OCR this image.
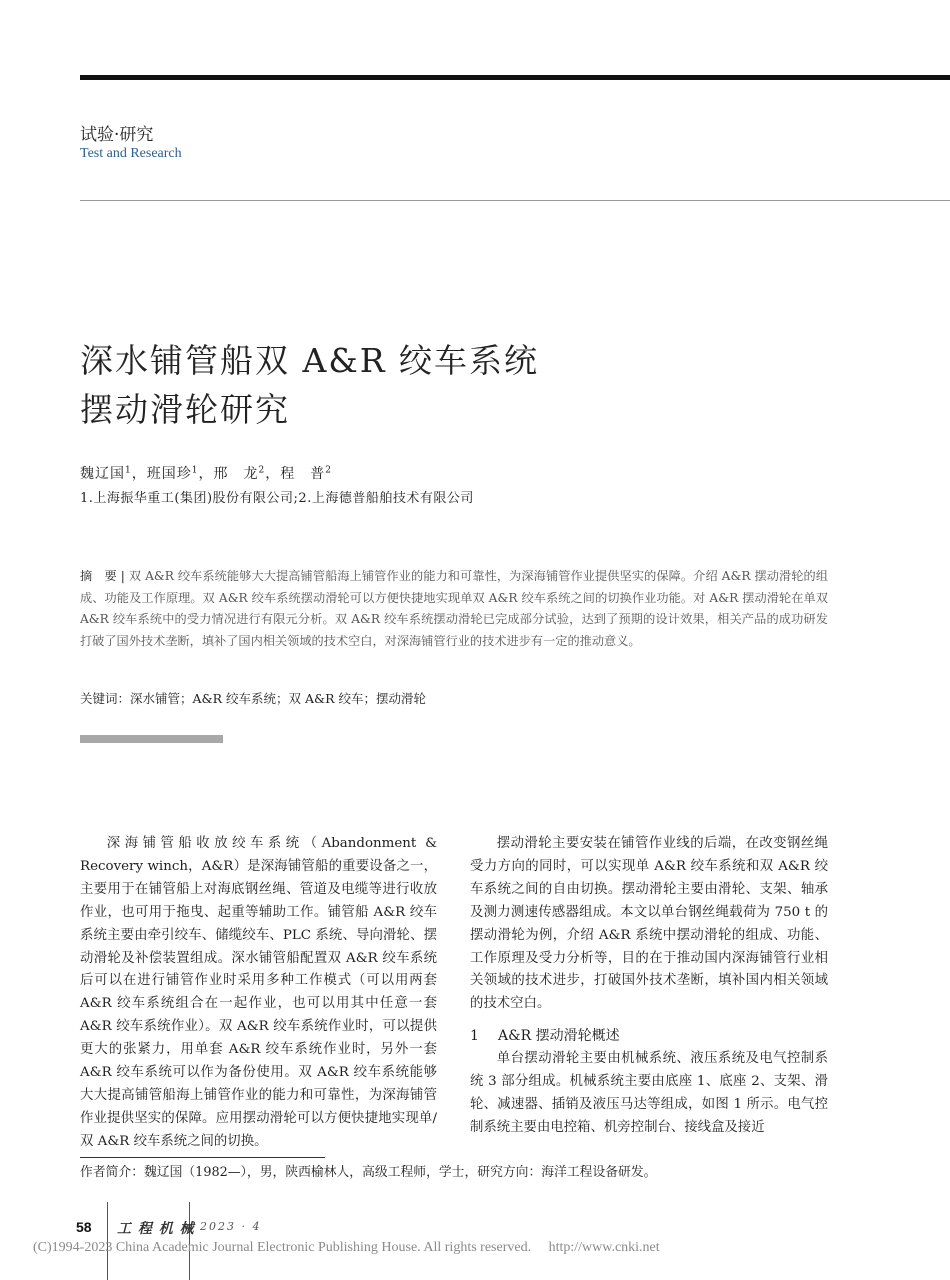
试验·研究
Test and Research
深水铺管船双 A&R 绞车系统
摆动滑轮研究
魏辽国$^1$，班国珍$^1$，邢　龙$^2$，程　普$^2$
1.上海振华重工(集团)股份有限公司;2.上海德普船舶技术有限公司
摘　要 | 双 A&R 绞车系统能够大大提高铺管船海上铺管作业的能力和可靠性，为深海铺管作业提供坚实的保障。介绍 A&R 摆动滑轮的组成、功能及工作原理。双 A&R 绞车系统摆动滑轮可以方便快捷地实现单双 A&R 绞车系统之间的切换作业功能。对 A&R 摆动滑轮在单双 A&R 绞车系统中的受力情况进行有限元分析。双 A&R 绞车系统摆动滑轮已完成部分试验，达到了预期的设计效果，相关产品的成功研发打破了国外技术垄断，填补了国内相关领域的技术空白，对深海铺管行业的技术进步有一定的推动意义。
关键词：深水铺管；A&R 绞车系统；双 A&R 绞车；摆动滑轮

深海铺管船收放绞车系统（Abandonment & Recovery winch，A&R）是深海铺管船的重要设备之一，主要用于在铺管船上对海底钢丝绳、管道及电缆等进行收放作业，也可用于拖曳、起重等辅助工作。铺管船 A&R 绞车系统主要由牵引绞车、储缆绞车、PLC 系统、导向滑轮、摆动滑轮及补偿装置组成。深水铺管船配置双 A&R 绞车系统后可以在进行铺管作业时采用多种工作模式（可以用两套 A&R 绞车系统组合在一起作业，也可以用其中任意一套 A&R 绞车系统作业）。双 A&R 绞车系统作业时，可以提供更大的张紧力，用单套 A&R 绞车系统作业时，另外一套 A&R 绞车系统可以作为备份使用。双 A&R 绞车系统能够大大提高铺管船海上铺管作业的能力和可靠性，为深海铺管作业提供坚实的保障。应用摆动滑轮可以方便快捷地实现单/双 A&R 绞车系统之间的切换。

摆动滑轮主要安装在铺管作业线的后端，在改变钢丝绳受力方向的同时，可以实现单 A&R 绞车系统和双 A&R 绞车系统之间的自由切换。摆动滑轮主要由滑轮、支架、轴承及测力测速传感器组成。本文以单台钢丝绳载荷为 750 t 的摆动滑轮为例，介绍 A&R 系统中摆动滑轮的组成、功能、工作原理及受力分析等，目的在于推动国内深海铺管行业相关领域的技术进步，打破国外技术垄断，填补国内相关领域的技术空白。

1 A&R 摆动滑轮概述

单台摆动滑轮主要由机械系统、液压系统及电气控制系统 3 部分组成。机械系统主要由底座 1、底座 2、支架、滑轮、减速器、插销及液压马达等组成，如图 1 所示。电气控制系统主要由电控箱、机旁控制台、接线盒及接近

作者简介：魏辽国（1982—），男，陕西榆林人，高级工程师，学士，研究方向：海洋工程设备研发。
58 工 程 机 械 2023 · 4
(C)1994-2023 China Academic Journal Electronic Publishing House. All rights reserved.　 http://www.cnki.net
